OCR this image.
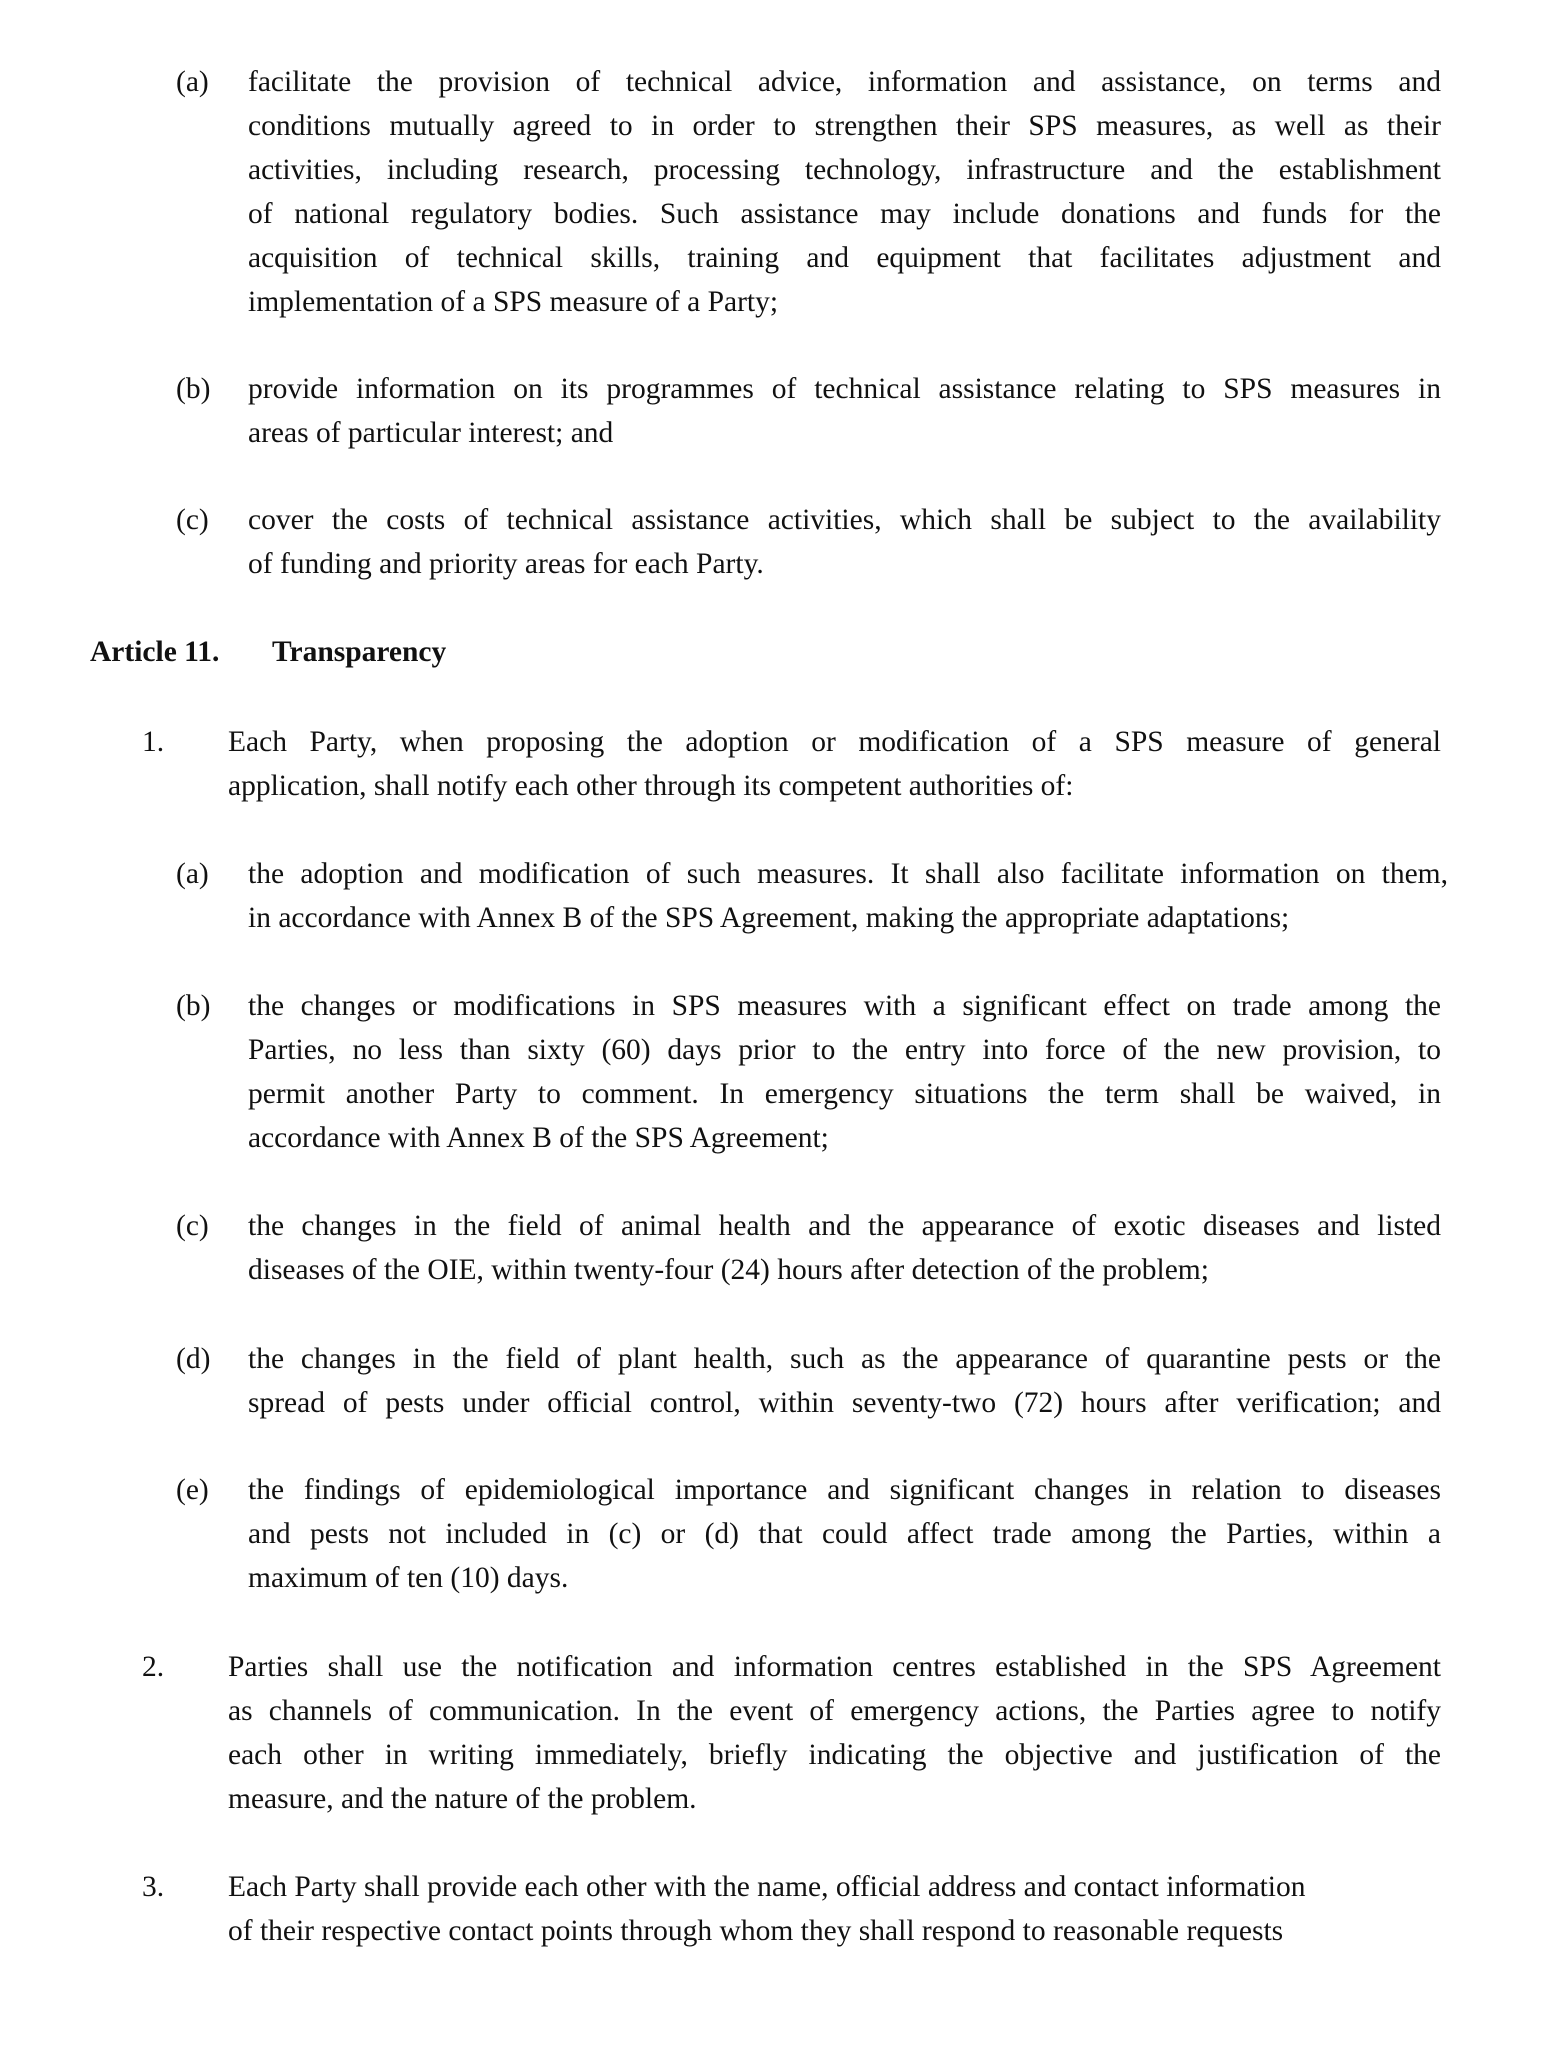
(a) facilitate the provision of technical advice, information and assistance, on terms and
conditions mutually agreed to in order to strengthen their SPS measures, as well as their
activities, including research, processing technology, infrastructure and the establishment
of national regulatory bodies. Such assistance may include donations and funds for the
acquisition of technical skills, training and equipment that facilitates adjustment and
implementation of a SPS measure of a Party;
(b) provide information on its programmes of technical assistance relating to SPS measures in
areas of particular interest; and
(c) cover the costs of technical assistance activities, which shall be subject to the availability
of funding and priority areas for each Party.
Article 11. Transparency
1. Each Party, when proposing the adoption or modification of a SPS measure of general
application, shall notify each other through its competent authorities of:
(a) the adoption and modification of such measures. It shall also facilitate information on them,
in accordance with Annex B of the SPS Agreement, making the appropriate adaptations;
(b) the changes or modifications in SPS measures with a significant effect on trade among the
Parties, no less than sixty (60) days prior to the entry into force of the new provision, to
permit another Party to comment. In emergency situations the term shall be waived, in
accordance with Annex B of the SPS Agreement;
(c) the changes in the field of animal health and the appearance of exotic diseases and listed
diseases of the OIE, within twenty-four (24) hours after detection of the problem;
(d) the changes in the field of plant health, such as the appearance of quarantine pests or the
spread of pests under official control, within seventy-two (72) hours after verification; and
(e) the findings of epidemiological importance and significant changes in relation to diseases
and pests not included in (c) or (d) that could affect trade among the Parties, within a
maximum of ten (10) days.
2. Parties shall use the notification and information centres established in the SPS Agreement
as channels of communication. In the event of emergency actions, the Parties agree to notify
each other in writing immediately, briefly indicating the objective and justification of the
measure, and the nature of the problem.
3. Each Party shall provide each other with the name, official address and contact information
of their respective contact points through whom they shall respond to reasonable requests
